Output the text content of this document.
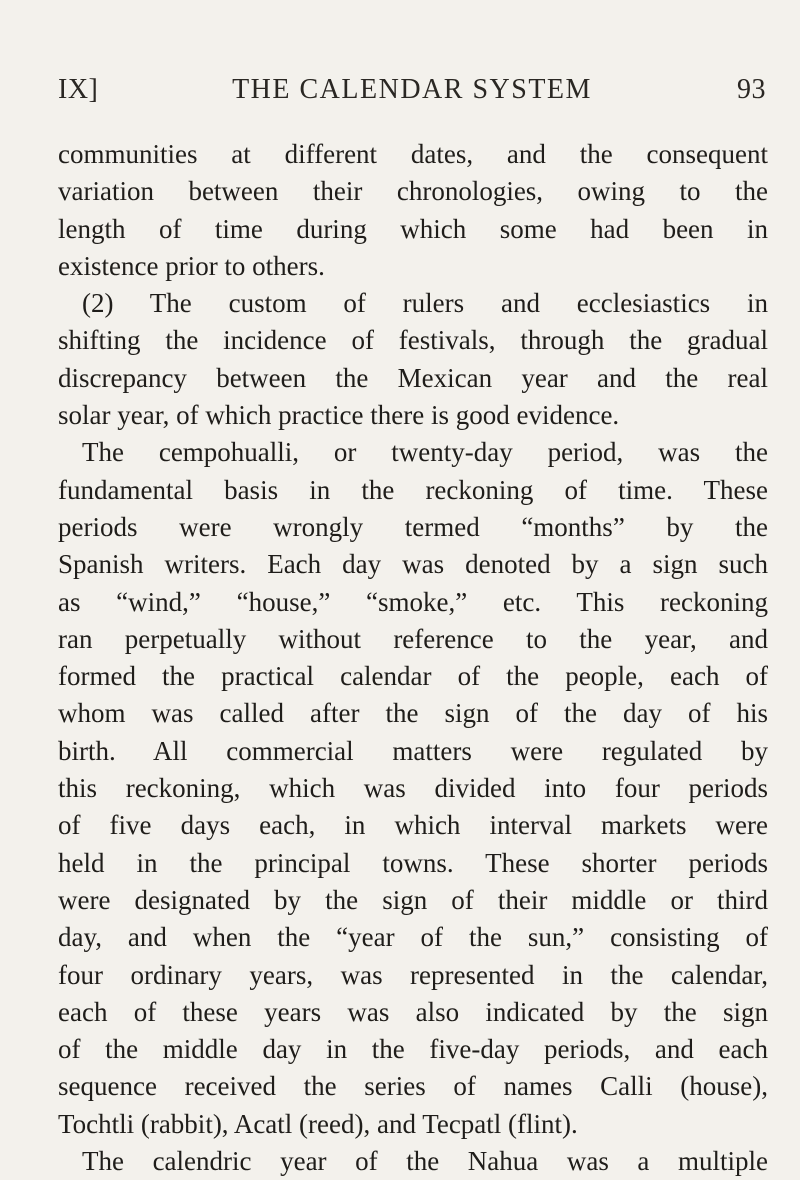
IX]	THE CALENDAR SYSTEM	93
communities at different dates, and the consequent
variation between their chronologies, owing to the
length of time during which some had been in
existence prior to others.
(2) The custom of rulers and ecclesiastics in
shifting the incidence of festivals, through the gradual
discrepancy between the Mexican year and the real
solar year, of which practice there is good evidence.
The cempohualli, or twenty-day period, was the
fundamental basis in the reckoning of time. These
periods were wrongly termed “months” by the
Spanish writers. Each day was denoted by a sign such
as “wind,” “house,” “smoke,” etc. This reckoning
ran perpetually without reference to the year, and
formed the practical calendar of the people, each of
whom was called after the sign of the day of his
birth. All commercial matters were regulated by
this reckoning, which was divided into four periods
of five days each, in which interval markets were
held in the principal towns. These shorter periods
were designated by the sign of their middle or third
day, and when the “year of the sun,” consisting of
four ordinary years, was represented in the calendar,
each of these years was also indicated by the sign
of the middle day in the five-day periods, and each
sequence received the series of names Calli (house),
Tochtli (rabbit), Acatl (reed), and Tecpatl (flint).
The calendric year of the Nahua was a multiple
